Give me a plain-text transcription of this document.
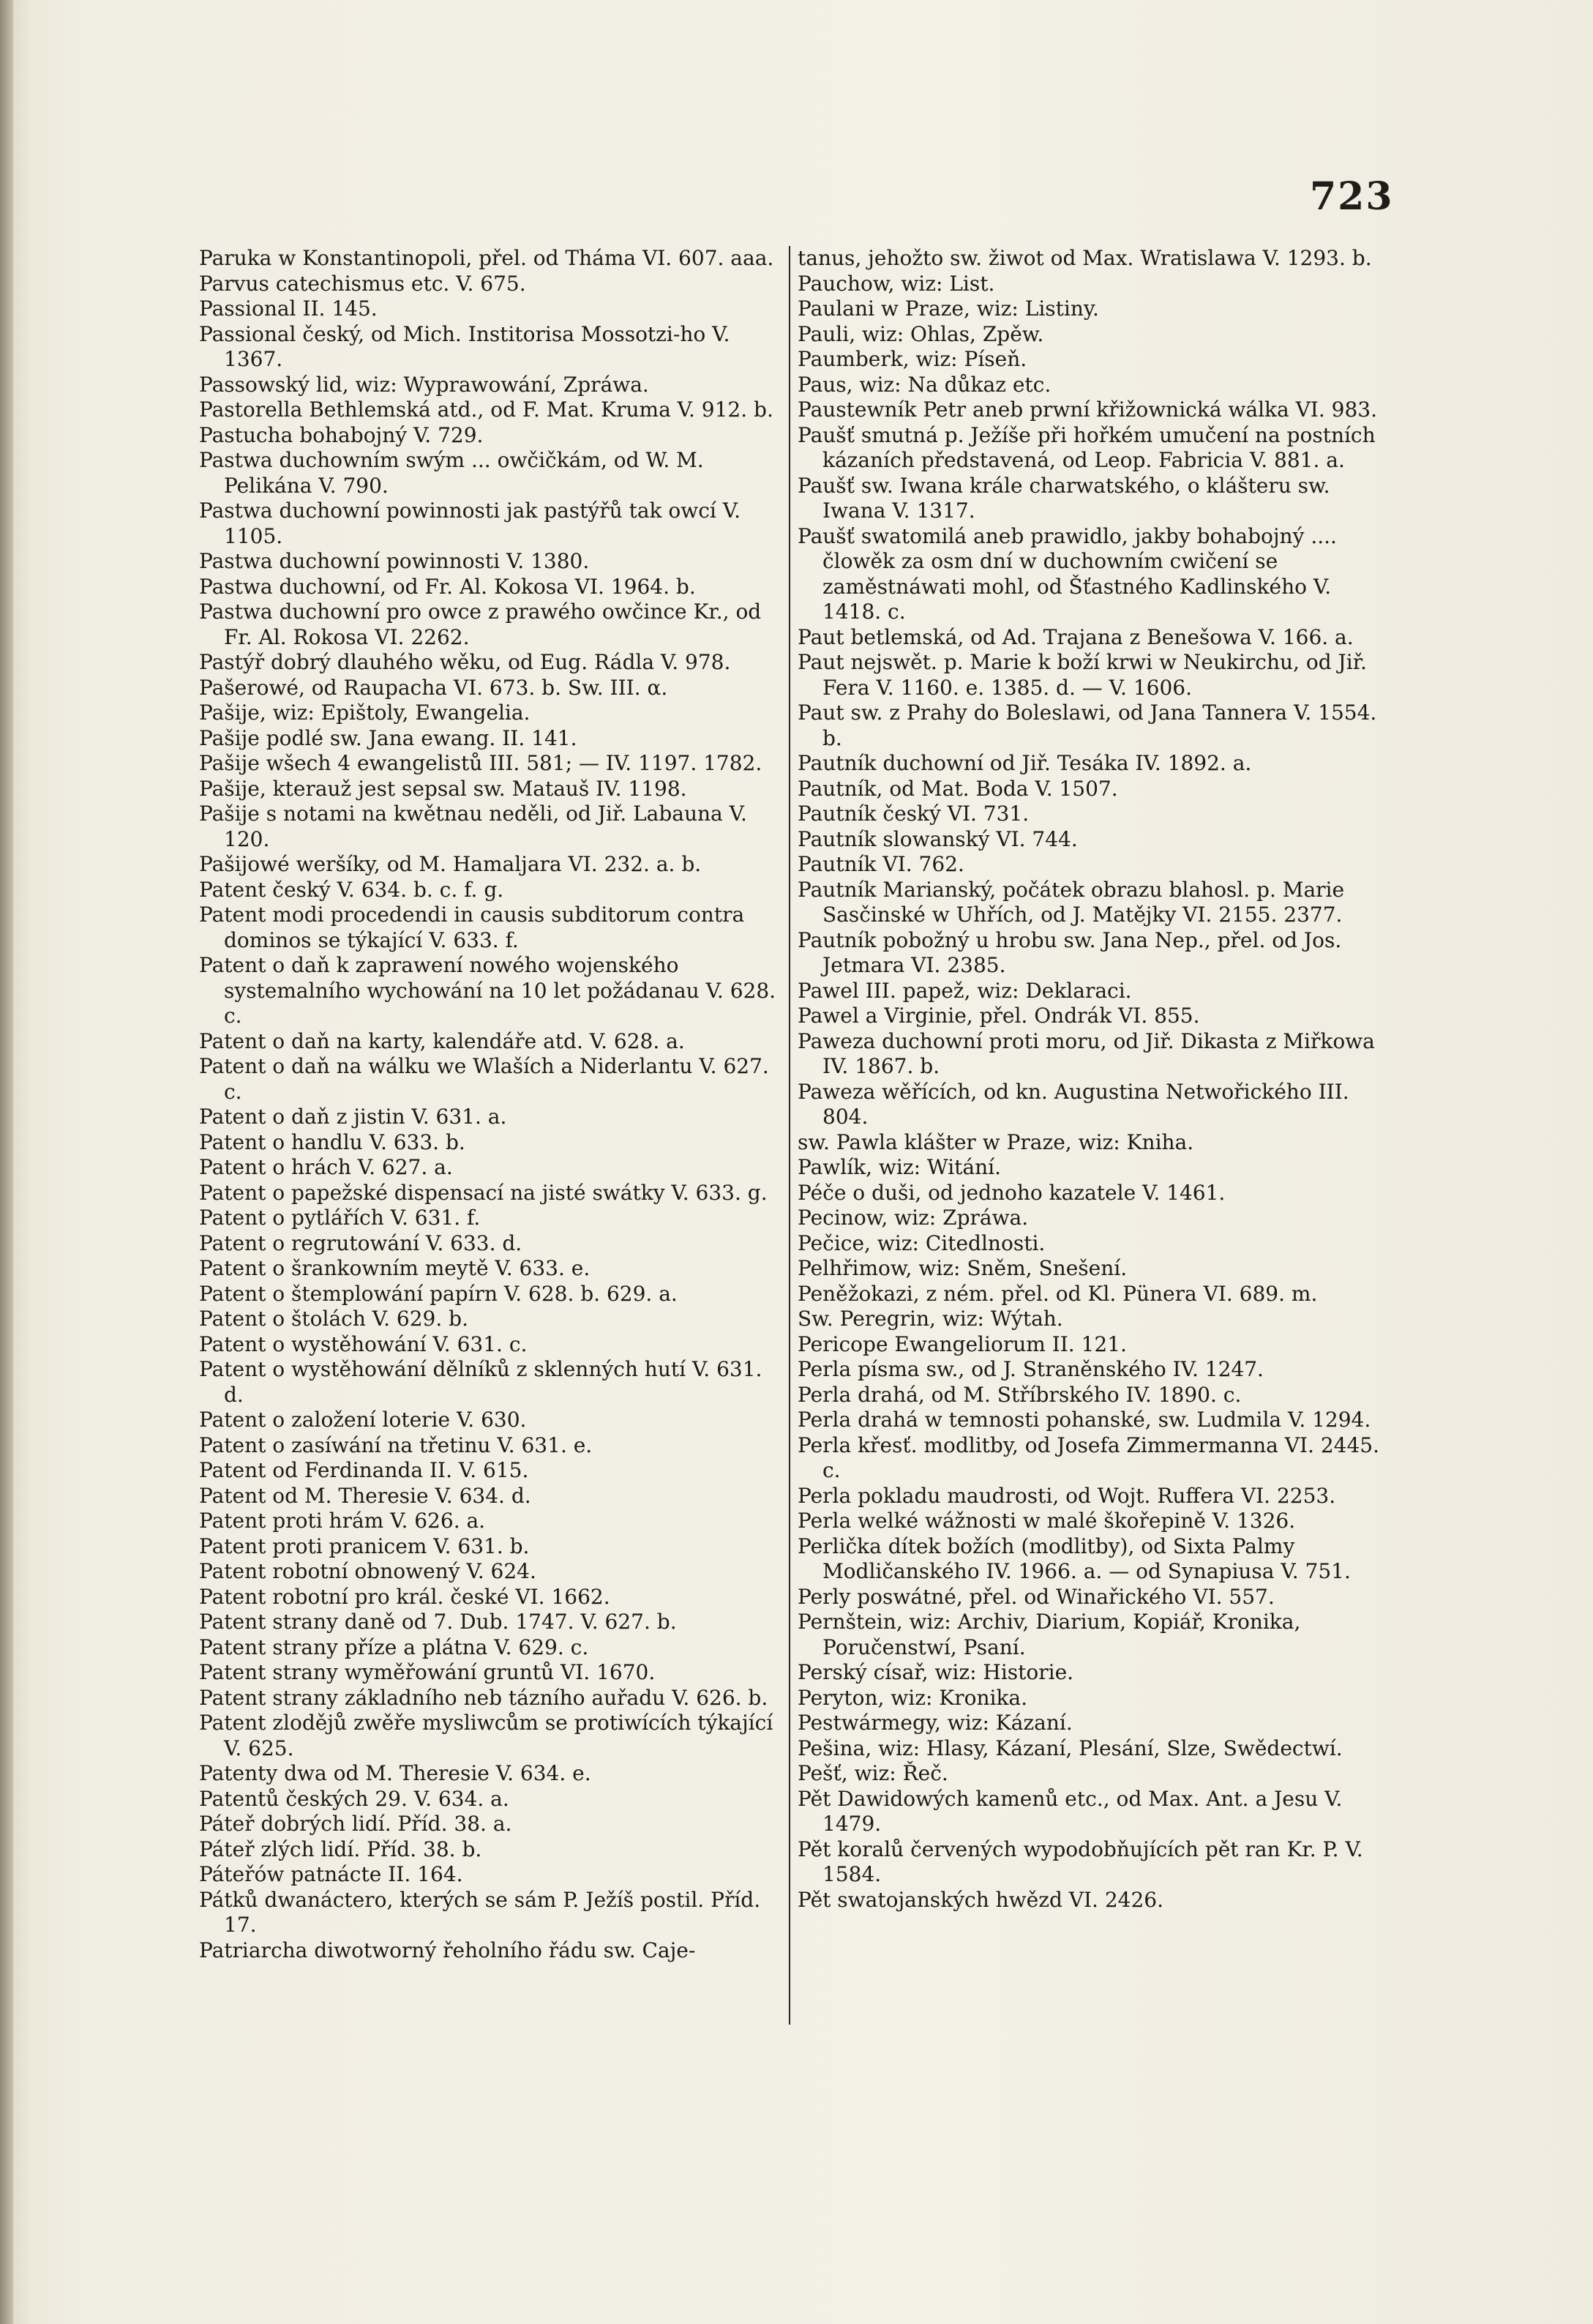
723

Paruka w Konstantinopoli, přel. od Tháma VI. 607. aaa.

Parvus catechismus etc. V. 675.

Passional II. 145.

Passional český, od Mich. Institorisa Mossotzi-ho V. 1367.

Passowský lid, wiz: Wyprawowání, Zpráwa.

Pastorella Bethlemská atd., od F. Mat. Kruma V. 912. b.

Pastucha bohabojný V. 729.

Pastwa duchowním swým ... owčičkám, od W. M. Pelikána V. 790.

Pastwa duchowní powinnosti jak pastýřů tak owcí V. 1105.

Pastwa duchowní powinnosti V. 1380.

Pastwa duchowní, od Fr. Al. Kokosa VI. 1964. b.

Pastwa duchowní pro owce z prawého owčince Kr., od Fr. Al. Rokosa VI. 2262.

Pastýř dobrý dlauhého wěku, od Eug. Rádla V. 978.

Pašerowé, od Raupacha VI. 673. b. Sw. III. α.

Pašije, wiz: Epištoly, Ewangelia.

Pašije podlé sw. Jana ewang. II. 141.

Pašije wšech 4 ewangelistů III. 581; — IV. 1197. 1782.

Pašije, kterauž jest sepsal sw. Matauš IV. 1198.

Pašije s notami na kwětnau neděli, od Jiř. Labauna V. 120.

Pašijowé weršíky, od M. Hamaljara VI. 232. a. b.

Patent český V. 634. b. c. f. g.

Patent modi procedendi in causis subditorum contra dominos se týkající V. 633. f.

Patent o daň k zaprawení nowého wojenského systemalního wychowání na 10 let požádanau V. 628. c.

Patent o daň na karty, kalendáře atd. V. 628. a.

Patent o daň na wálku we Wlaších a Niderlantu V. 627. c.

Patent o daň z jistin V. 631. a.

Patent o handlu V. 633. b.

Patent o hrách V. 627. a.

Patent o papežské dispensací na jisté swátky V. 633. g.

Patent o pytlářích V. 631. f.

Patent o regrutowání V. 633. d.

Patent o šrankowním meytě V. 633. e.

Patent o štemplowání papírn V. 628. b. 629. a.

Patent o štolách V. 629. b.

Patent o wystěhowání V. 631. c.

Patent o wystěhowání dělníků z sklenných hutí V. 631. d.

Patent o založení loterie V. 630.

Patent o zasíwání na třetinu V. 631. e.

Patent od Ferdinanda II. V. 615.

Patent od M. Theresie V. 634. d.

Patent proti hrám V. 626. a.

Patent proti pranicem V. 631. b.

Patent robotní obnowený V. 624.

Patent robotní pro král. české VI. 1662.

Patent strany daně od 7. Dub. 1747. V. 627. b.

Patent strany příze a plátna V. 629. c.

Patent strany wyměřowání gruntů VI. 1670.

Patent strany základního neb tázního auřadu V. 626. b.

Patent zlodějů zwěře mysliwcům se protiwících týkající V. 625.

Patenty dwa od M. Theresie V. 634. e.

Patentů českých 29. V. 634. a.

Páteř dobrých lidí. Příd. 38. a.

Páteř zlých lidí. Příd. 38. b.

Páteřów patnácte II. 164.

Pátků dwanáctero, kterých se sám P. Ježíš postil. Příd. 17.

Patriarcha diwotworný řeholního řádu sw. Caje-

tanus, jehožto sw. žiwot od Max. Wratislawa V. 1293. b.

Pauchow, wiz: List.

Paulani w Praze, wiz: Listiny.

Pauli, wiz: Ohlas, Zpěw.

Paumberk, wiz: Píseň.

Paus, wiz: Na důkaz etc.

Paustewník Petr aneb prwní křižownická wálka VI. 983.

Paušť smutná p. Ježíše při hořkém umučení na postních kázaních představená, od Leop. Fabricia V. 881. a.

Paušť sw. Iwana krále charwatského, o klášteru sw. Iwana V. 1317.

Paušť swatomilá aneb prawidlo, jakby bohabojný .... člowěk za osm dní w duchowním cwičení se zaměstnáwati mohl, od Šťastného Kadlinského V. 1418. c.

Paut betlemská, od Ad. Trajana z Benešowa V. 166. a.

Paut nejswět. p. Marie k boží krwi w Neukirchu, od Jiř. Fera V. 1160. e. 1385. d. — V. 1606.

Paut sw. z Prahy do Boleslawi, od Jana Tannera V. 1554. b.

Pautník duchowní od Jiř. Tesáka IV. 1892. a.

Pautník, od Mat. Boda V. 1507.

Pautník český VI. 731.

Pautník slowanský VI. 744.

Pautník VI. 762.

Pautník Marianský, počátek obrazu blahosl. p. Marie Sasčinské w Uhřích, od J. Matějky VI. 2155. 2377.

Pautník pobožný u hrobu sw. Jana Nep., přel. od Jos. Jetmara VI. 2385.

Pawel III. papež, wiz: Deklaraci.

Pawel a Virginie, přel. Ondrák VI. 855.

Paweza duchowní proti moru, od Jiř. Dikasta z Miřkowa IV. 1867. b.

Paweza wěřících, od kn. Augustina Netwořického III. 804.

sw. Pawla klášter w Praze, wiz: Kniha.

Pawlík, wiz: Witání.

Péče o duši, od jednoho kazatele V. 1461.

Pecinow, wiz: Zpráwa.

Pečice, wiz: Citedlnosti.

Pelhřimow, wiz: Sněm, Snešení.

Peněžokazi, z ném. přel. od Kl. Pünera VI. 689. m.

Sw. Peregrin, wiz: Wýtah.

Pericope Ewangeliorum II. 121.

Perla písma sw., od J. Straněnského IV. 1247.

Perla drahá, od M. Stříbrského IV. 1890. c.

Perla drahá w temnosti pohanské, sw. Ludmila V. 1294.

Perla křesť. modlitby, od Josefa Zimmermanna VI. 2445. c.

Perla pokladu maudrosti, od Wojt. Ruffera VI. 2253.

Perla welké wážnosti w malé škořepině V. 1326.

Perlička dítek božích (modlitby), od Sixta Palmy Modličanského IV. 1966. a. — od Synapiusa V. 751.

Perly poswátné, přel. od Winařického VI. 557.

Pernštein, wiz: Archiv, Diarium, Kopiář, Kronika, Poručenstwí, Psaní.

Perský císař, wiz: Historie.

Peryton, wiz: Kronika.

Pestwármegy, wiz: Kázaní.

Pešina, wiz: Hlasy, Kázaní, Plesání, Slze, Swědectwí.

Pešť, wiz: Řeč.

Pět Dawidowých kamenů etc., od Max. Ant. a Jesu V. 1479.

Pět koralů červených wypodobňujících pět ran Kr. P. V. 1584.

Pět swatojanských hwězd VI. 2426.
